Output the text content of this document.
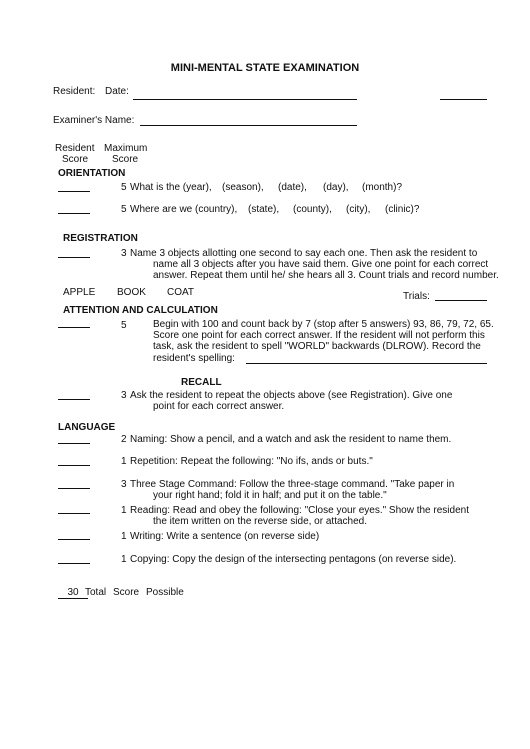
MINI-MENTAL STATE EXAMINATION
Resident: Date:
Examiner's Name:
Resident
Score
Maximum
Score
ORIENTATION
5 What is the (year), (season), (date), (day), (month)?
5 Where are we (country), (state), (county), (city), (clinic)?
REGISTRATION
3 Name 3 objects allotting one second to say each one. Then ask the resident to
name all 3 objects after you have said them. Give one point for each correct
answer. Repeat them until he/ she hears all 3. Count trials and record number.
APPLE BOOK COAT	Trials:
ATTENTION AND CALCULATION
5	Begin with 100 and count back by 7 (stop after 5 answers) 93, 86, 79, 72, 65.
Score one point for each correct answer. If the resident will not perform this
task, ask the resident to spell "WORLD" backwards (DLROW). Record the
resident's spelling:
RECALL
3 Ask the resident to repeat the objects above (see Registration). Give one
point for each correct answer.
LANGUAGE
2 Naming: Show a pencil, and a watch and ask the resident to name them.
1 Repetition: Repeat the following: "No ifs, ands or buts."
3 Three Stage Command: Follow the three-stage command. "Take paper in
your right hand; fold it in half; and put it on the table."
1 Reading: Read and obey the following: "Close your eyes." Show the resident
the item written on the reverse side, or attached.
1 Writing: Write a sentence (on reverse side)
1 Copying: Copy the design of the intersecting pentagons (on reverse side).
30 Total Score Possible
